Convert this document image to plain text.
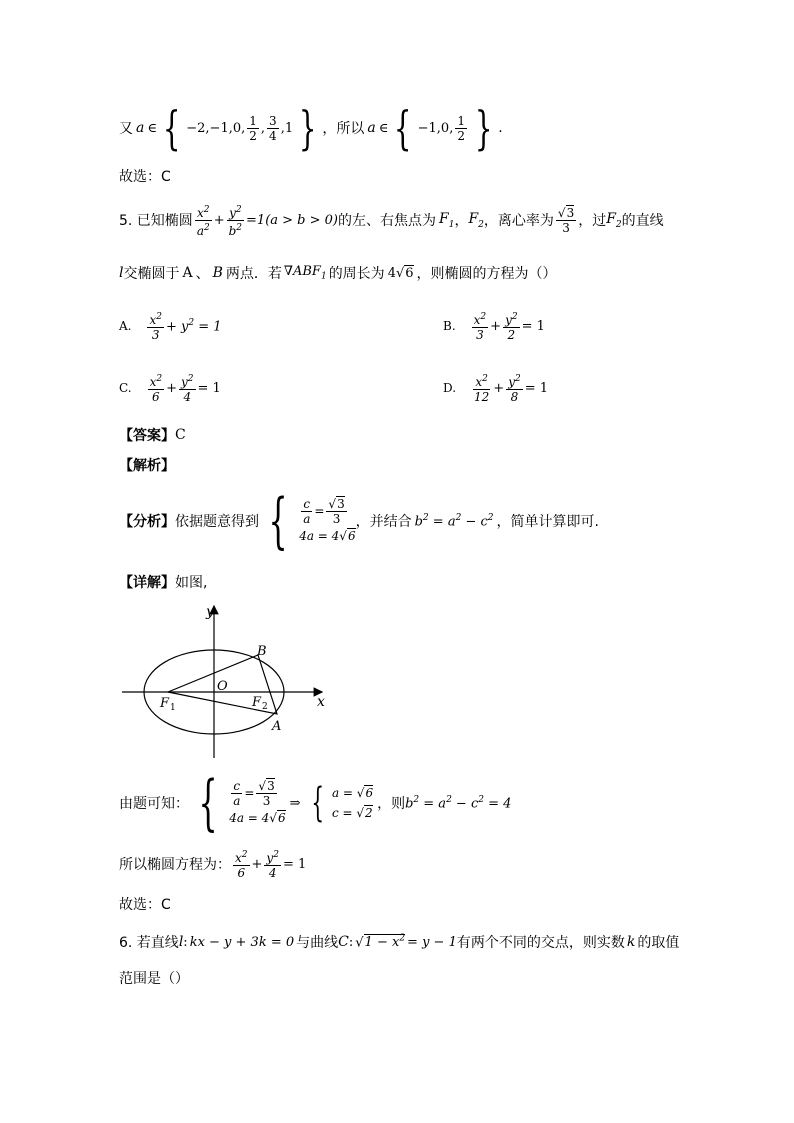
又 a ∈ { −2,−1,0, $\frac{1}{2}$ , $\frac{3}{4} ,1$ } ，所以 a ∈ { −1,0, $\frac{1}{2}$ } .
故选：C
5. 已知椭圆 $\frac{x^2}{a^2} + \frac{y^2}{b^2} =1(a > b > 0)$ 的左、右焦点为 $F_1$ ， $F_2$ ，离心率为 $\frac{√3}{3}$ ，过 $F_2$ 的直线
l 交椭圆于 A 、 B 两点．若 $\nabla ABF_1$ 的周长为 4√6 ，则椭圆的方程为（）
A. $\frac{x^2}{3} + y^2 = 1$	B. $\frac{x^2}{3} + \frac{y^2}{2} = 1$
C. $\frac{x^2}{6} + \frac{y^2}{4} = 1$	D. $\frac{x^2}{12} + \frac{y^2}{8} = 1$
【答案】 C
【解析】
【分析】 依据题意得到 { $\frac{c}{a} = \frac{√3}{3}$
4a = 4√6
，并结合 $b^2 = a^2 - c^2$ ，简单计算即可.
【详解】 如图,
y
x
O
B
A
F 1	F 2
由题可知： { $\frac{c}{a} = \frac{√3}{3}$
4a = 4√6
⇒ { a = √6
c = √2
，则 $b^2 = a^2 - c^2 = 4$
所以椭圆方程为： $\frac{x^2}{6} + \frac{y^2}{4} = 1$
故选：C
6. 若直线 l : kx − y + 3k = 0 与曲线 C : $√1 - x^2 = y - 1$ 有两个不同的交点，则实数 k 的取值
范围是（）
